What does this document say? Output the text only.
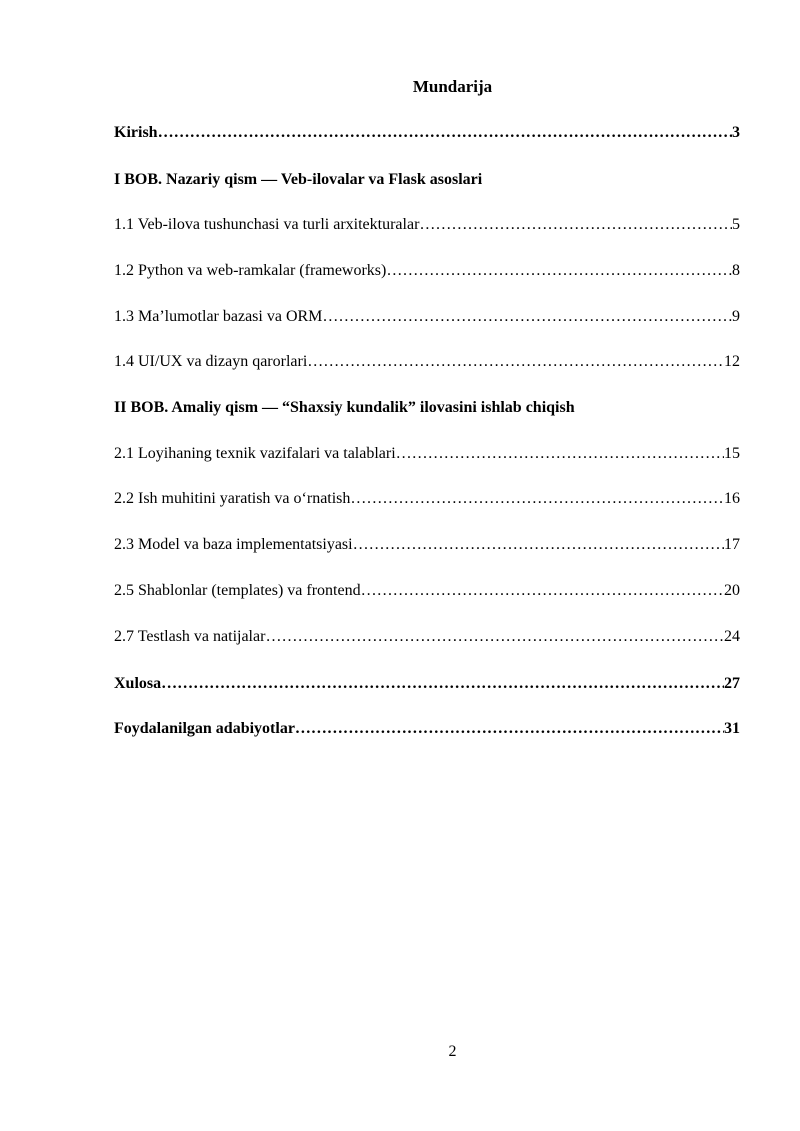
Mundarija
Kirish …………………………………………………………………………………………………………………………………………………………………………………………………	3
I BOB. Nazariy qism — Veb-ilovalar va Flask asoslari
1.1 Veb-ilova tushunchasi va turli arxitekturalar …………………………………………………………………………………………………………………………………………………………………………………………………	5
1.2 Python va web-ramkalar (frameworks) …………………………………………………………………………………………………………………………………………………………………………………………………	8
1.3 Ma’lumotlar bazasi va ORM …………………………………………………………………………………………………………………………………………………………………………………………………	9
1.4 UI/UX va dizayn qarorlari …………………………………………………………………………………………………………………………………………………………………………………………………	12
II BOB. Amaliy qism — “Shaxsiy kundalik” ilovasini ishlab chiqish
2.1 Loyihaning texnik vazifalari va talablari …………………………………………………………………………………………………………………………………………………………………………………………………	15
2.2 Ish muhitini yaratish va o‘rnatish …………………………………………………………………………………………………………………………………………………………………………………………………	16
2.3 Model va baza implementatsiyasi …………………………………………………………………………………………………………………………………………………………………………………………………	17
2.5 Shablonlar (templates) va frontend …………………………………………………………………………………………………………………………………………………………………………………………………	20
2.7 Testlash va natijalar …………………………………………………………………………………………………………………………………………………………………………………………………	24
Xulosa …………………………………………………………………………………………………………………………………………………………………………………………………	27
Foydalanilgan adabiyotlar …………………………………………………………………………………………………………………………………………………………………………………………………	31
2
